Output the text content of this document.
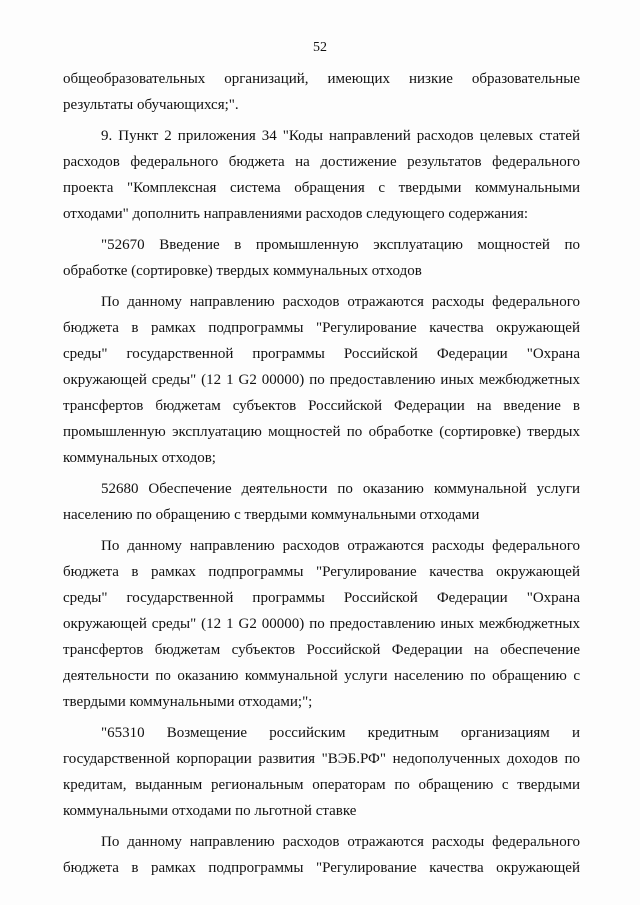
52
общеобразовательных организаций, имеющих низкие образовательные
результаты обучающихся;".
9. Пункт 2 приложения 34 "Коды направлений расходов целевых статей
расходов федерального бюджета на достижение результатов федерального
проекта "Комплексная система обращения с твердыми коммунальными
отходами" дополнить направлениями расходов следующего содержания:
"52670 Введение в промышленную эксплуатацию мощностей по
обработке (сортировке) твердых коммунальных отходов
По данному направлению расходов отражаются расходы федерального
бюджета в рамках подпрограммы "Регулирование качества окружающей
среды" государственной программы Российской Федерации "Охрана
окружающей среды" (12 1 G2 00000) по предоставлению иных межбюджетных
трансфертов бюджетам субъектов Российской Федерации на введение в
промышленную эксплуатацию мощностей по обработке (сортировке) твердых
коммунальных отходов;
52680 Обеспечение деятельности по оказанию коммунальной услуги
населению по обращению с твердыми коммунальными отходами
По данному направлению расходов отражаются расходы федерального
бюджета в рамках подпрограммы "Регулирование качества окружающей
среды" государственной программы Российской Федерации "Охрана
окружающей среды" (12 1 G2 00000) по предоставлению иных межбюджетных
трансфертов бюджетам субъектов Российской Федерации на обеспечение
деятельности по оказанию коммунальной услуги населению по обращению с
твердыми коммунальными отходами;";
"65310 Возмещение российским кредитным организациям и
государственной корпорации развития "ВЭБ.РФ" недополученных доходов по
кредитам, выданным региональным операторам по обращению с твердыми
коммунальными отходами по льготной ставке
По данному направлению расходов отражаются расходы федерального
бюджета в рамках подпрограммы "Регулирование качества окружающей
